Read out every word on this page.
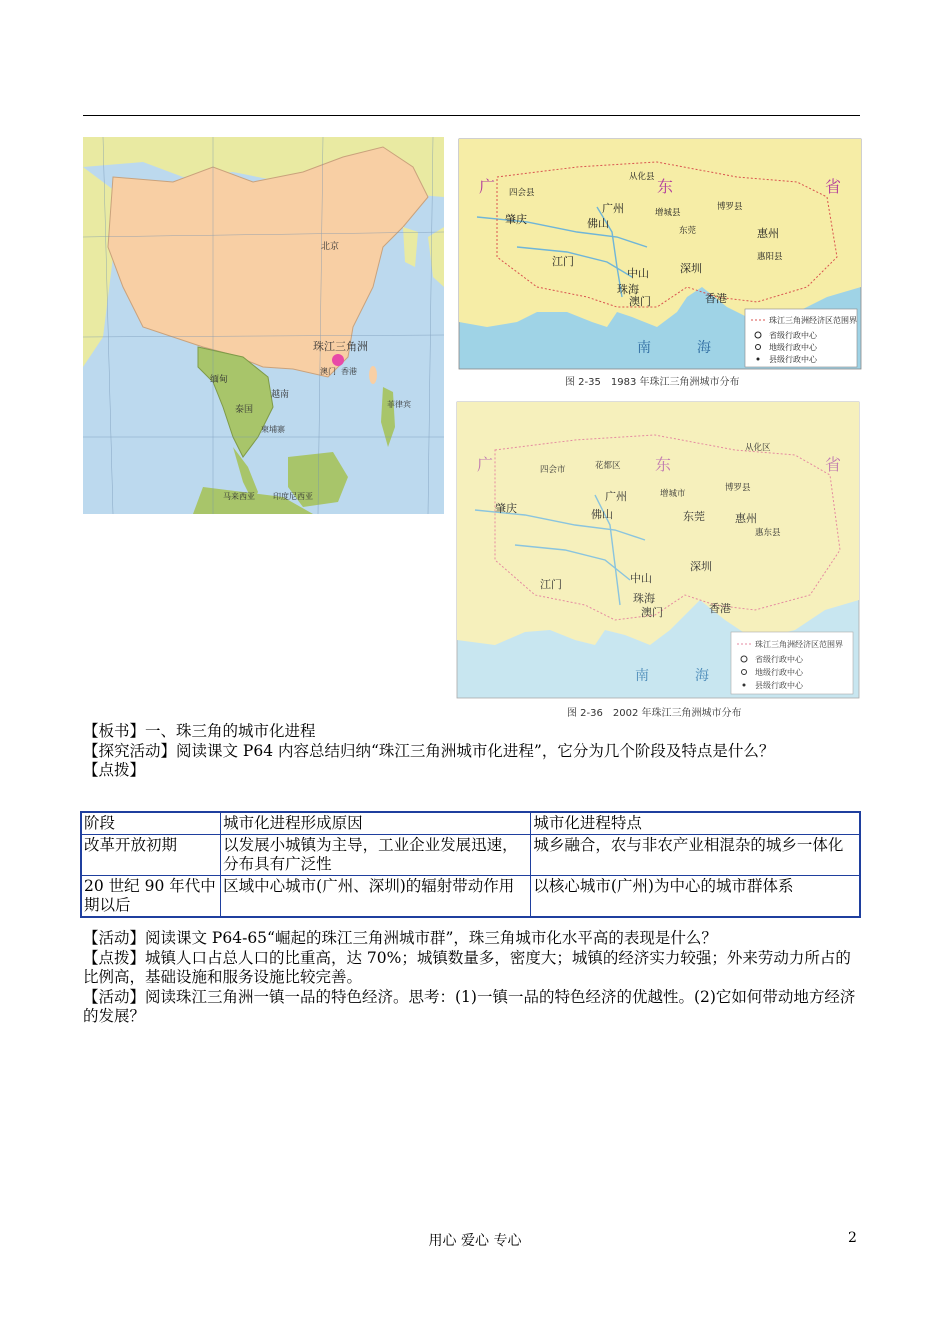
北京
珠江三角洲
澳门 香港
缅甸
泰国
越南
柬埔寨
菲律宾
马来西亚 印度尼西亚
广	东	省
南	海
从化县
四会县
广州	增城县
博罗县
肇庆	佛山
东莞	惠州
江门
中山	深圳
珠海
澳门	香港
惠阳县
珠江三角洲经济区范围界
省级行政中心
地级行政中心
县级行政中心
图 2-35　1983 年珠江三角洲城市分布
广	东	省
南	海
从化区
花都区
四会市
广州	增城市
博罗县
肇庆	佛山	东莞	惠州
江门	中山
深圳
珠海
澳门	香港
惠东县
珠江三角洲经济区范围界
省级行政中心
地级行政中心
县级行政中心
图 2-36　2002 年珠江三角洲城市分布

【板书】一、珠三角的城市化进程

【探究活动】阅读课文 P64 内容总结归纳“珠江三角洲城市化进程”，它分为几个阶段及特点是什么？

【点拨】

阶段	城市化进程形成原因	城市化进程特点
改革开放初期	以发展小城镇为主导，工业企业发展迅速，分布具有广泛性	城乡融合，农与非农产业相混杂的城乡一体化
20 世纪 90 年代中期以后	区域中心城市(广州、深圳)的辐射带动作用	以核心城市(广州)为中心的城市群体系

【活动】阅读课文 P64-65“崛起的珠江三角洲城市群”，珠三角城市化水平高的表现是什么？

【点拨】城镇人口占总人口的比重高，达 70%；城镇数量多，密度大；城镇的经济实力较强；外来劳动力所占的比例高，基础设施和服务设施比较完善。

【活动】阅读珠江三角洲一镇一品的特色经济。思考：(1)一镇一品的特色经济的优越性。(2)它如何带动地方经济的发展？

用心 爱心 专心	2
